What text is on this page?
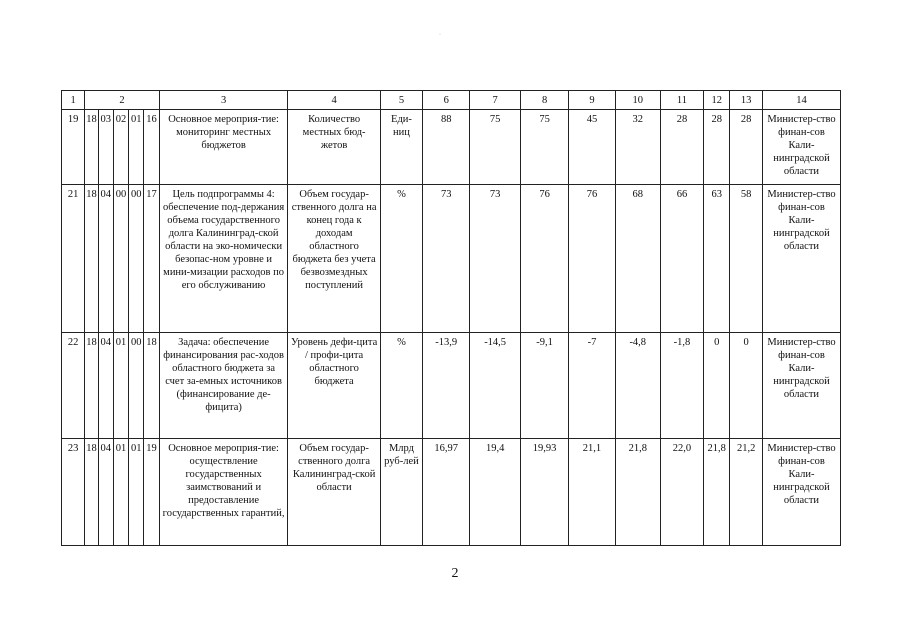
·
1	2					3	4	5	6	7	8	9	10	11	12	13	14
19	18	03	02	01	16	Основное мероприя-тие: мониторинг местных бюджетов	Количество местных бюд-жетов	Еди-ниц	88	75	75	45	32	28	28	28	Министер-ство финан-сов Кали-нинградской области
21	18	04	00	00	17	Цель подпрограммы 4: обеспечение под-держания объема государственного долга Калининград-ской области на эко-номически безопас-ном уровне и мини-мизации расходов по его обслуживанию	Объем государ-ственного долга на конец года к доходам областного бюджета без учета безвозмездных поступлений	%	73	73	76	76	68	66	63	58	Министер-ство финан-сов Кали-нинградской области
22	18	04	01	00	18	Задача: обеспечение финансирования рас-ходов областного бюджета за счет за-емных источников (финансирование де-фицита)	Уровень дефи-цита / профи-цита областного бюджета	%	-13,9	-14,5	-9,1	-7	-4,8	-1,8	0	0	Министер-ство финан-сов Кали-нинградской области
23	18	04	01	01	19	Основное мероприя-тие: осуществление государственных заимствований и предоставление государственных гарантий,	Объем государ-ственного долга Калининград-ской области	Млрд руб-лей	16,97	19,4	19,93	21,1	21,8	22,0	21,8	21,2	Министер-ство финан-сов Кали-нинградской области
2
